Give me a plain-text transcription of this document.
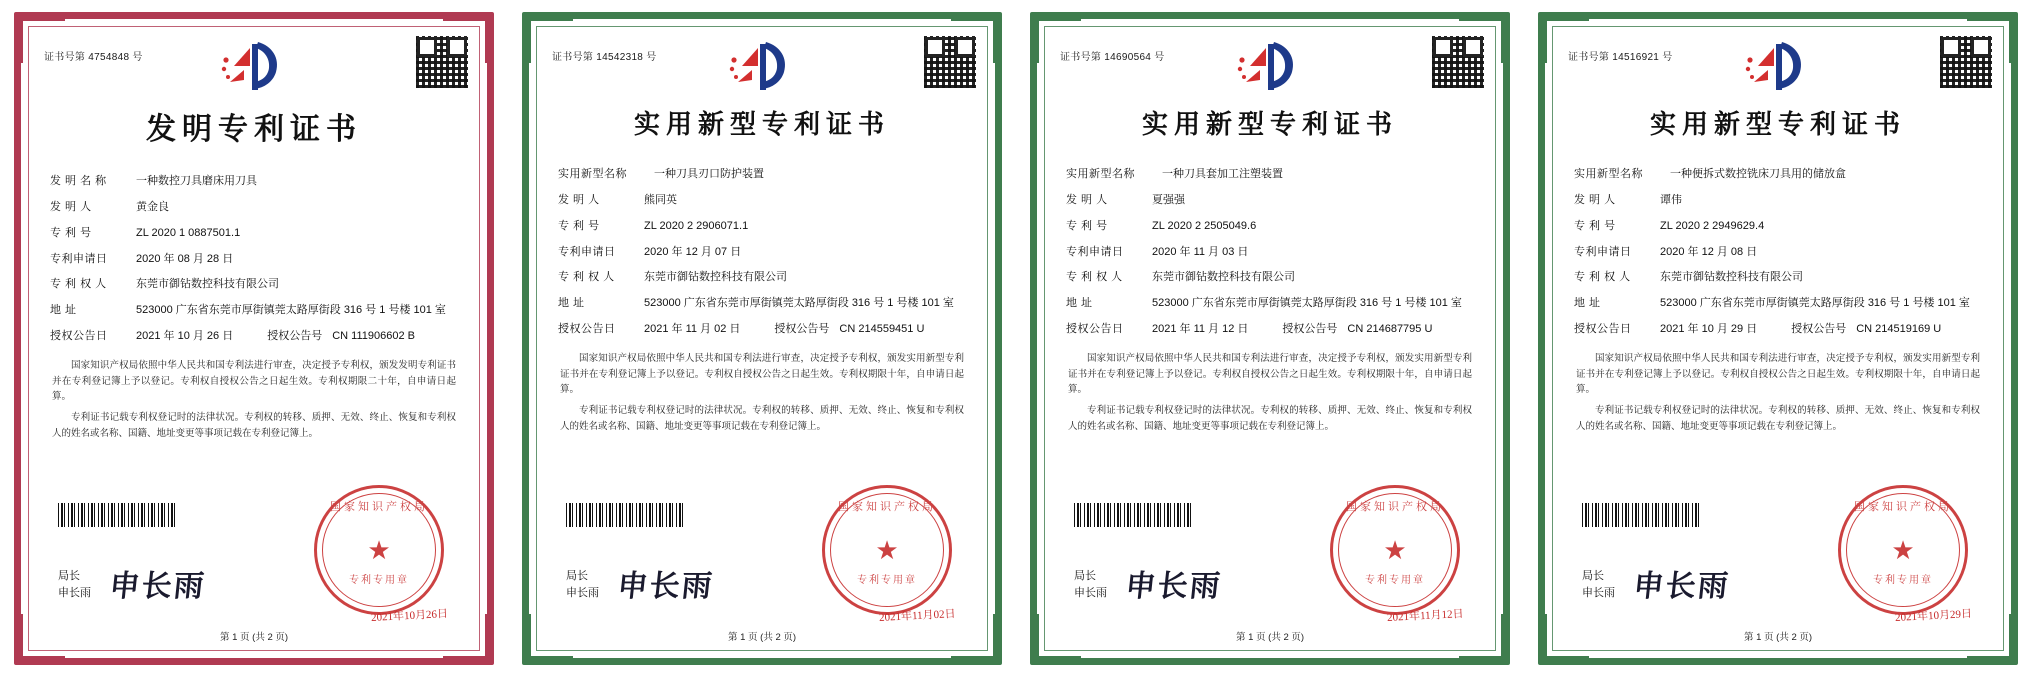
证书号第 4754848 号
发明专利证书
发 明 名 称	一种数控刀具磨床用刀具
发 明 人	黄金良
专 利 号	ZL 2020 1 0887501.1
专利申请日	2020 年 08 月 28 日
专 利 权 人	东莞市御钻数控科技有限公司
地 址	523000 广东省东莞市厚街镇莞太路厚街段 316 号 1 号楼 101 室
授权公告日	2021 年 10 月 26 日	授权公告号 CN 111906602 B

国家知识产权局依照中华人民共和国专利法进行审查，决定授予专利权，颁发发明专利证书并在专利登记簿上予以登记。专利权自授权公告之日起生效。专利权期限二十年，自申请日起算。

专利证书记载专利权登记时的法律状况。专利权的转移、质押、无效、终止、恢复和专利权人的姓名或名称、国籍、地址变更等事项记载在专利登记簿上。

局长
申长雨 申长雨
国家知识产权局
★
专利专用章
2021年10月26日
第 1 页 (共 2 页)
证书号第 14542318 号
实用新型专利证书
实用新型名称	一种刀具刃口防护装置
发 明 人	熊同英
专 利 号	ZL 2020 2 2906071.1
专利申请日	2020 年 12 月 07 日
专 利 权 人	东莞市御钻数控科技有限公司
地 址	523000 广东省东莞市厚街镇莞太路厚街段 316 号 1 号楼 101 室
授权公告日	2021 年 11 月 02 日	授权公告号 CN 214559451 U

国家知识产权局依照中华人民共和国专利法进行审查，决定授予专利权，颁发实用新型专利证书并在专利登记簿上予以登记。专利权自授权公告之日起生效。专利权期限十年，自申请日起算。

专利证书记载专利权登记时的法律状况。专利权的转移、质押、无效、终止、恢复和专利权人的姓名或名称、国籍、地址变更等事项记载在专利登记簿上。

局长
申长雨 申长雨
国家知识产权局
★
专利专用章
2021年11月02日
第 1 页 (共 2 页)
证书号第 14690564 号
实用新型专利证书
实用新型名称	一种刀具套加工注塑装置
发 明 人	夏强强
专 利 号	ZL 2020 2 2505049.6
专利申请日	2020 年 11 月 03 日
专 利 权 人	东莞市御钻数控科技有限公司
地 址	523000 广东省东莞市厚街镇莞太路厚街段 316 号 1 号楼 101 室
授权公告日	2021 年 11 月 12 日	授权公告号 CN 214687795 U

国家知识产权局依照中华人民共和国专利法进行审查，决定授予专利权，颁发实用新型专利证书并在专利登记簿上予以登记。专利权自授权公告之日起生效。专利权期限十年，自申请日起算。

专利证书记载专利权登记时的法律状况。专利权的转移、质押、无效、终止、恢复和专利权人的姓名或名称、国籍、地址变更等事项记载在专利登记簿上。

局长
申长雨 申长雨
国家知识产权局
★
专利专用章
2021年11月12日
第 1 页 (共 2 页)
证书号第 14516921 号
实用新型专利证书
实用新型名称	一种便拆式数控铣床刀具用的储放盒
发 明 人	谭伟
专 利 号	ZL 2020 2 2949629.4
专利申请日	2020 年 12 月 08 日
专 利 权 人	东莞市御钻数控科技有限公司
地 址	523000 广东省东莞市厚街镇莞太路厚街段 316 号 1 号楼 101 室
授权公告日	2021 年 10 月 29 日	授权公告号 CN 214519169 U

国家知识产权局依照中华人民共和国专利法进行审查，决定授予专利权，颁发实用新型专利证书并在专利登记簿上予以登记。专利权自授权公告之日起生效。专利权期限十年，自申请日起算。

专利证书记载专利权登记时的法律状况。专利权的转移、质押、无效、终止、恢复和专利权人的姓名或名称、国籍、地址变更等事项记载在专利登记簿上。

局长
申长雨 申长雨
国家知识产权局
★
专利专用章
2021年10月29日
第 1 页 (共 2 页)
